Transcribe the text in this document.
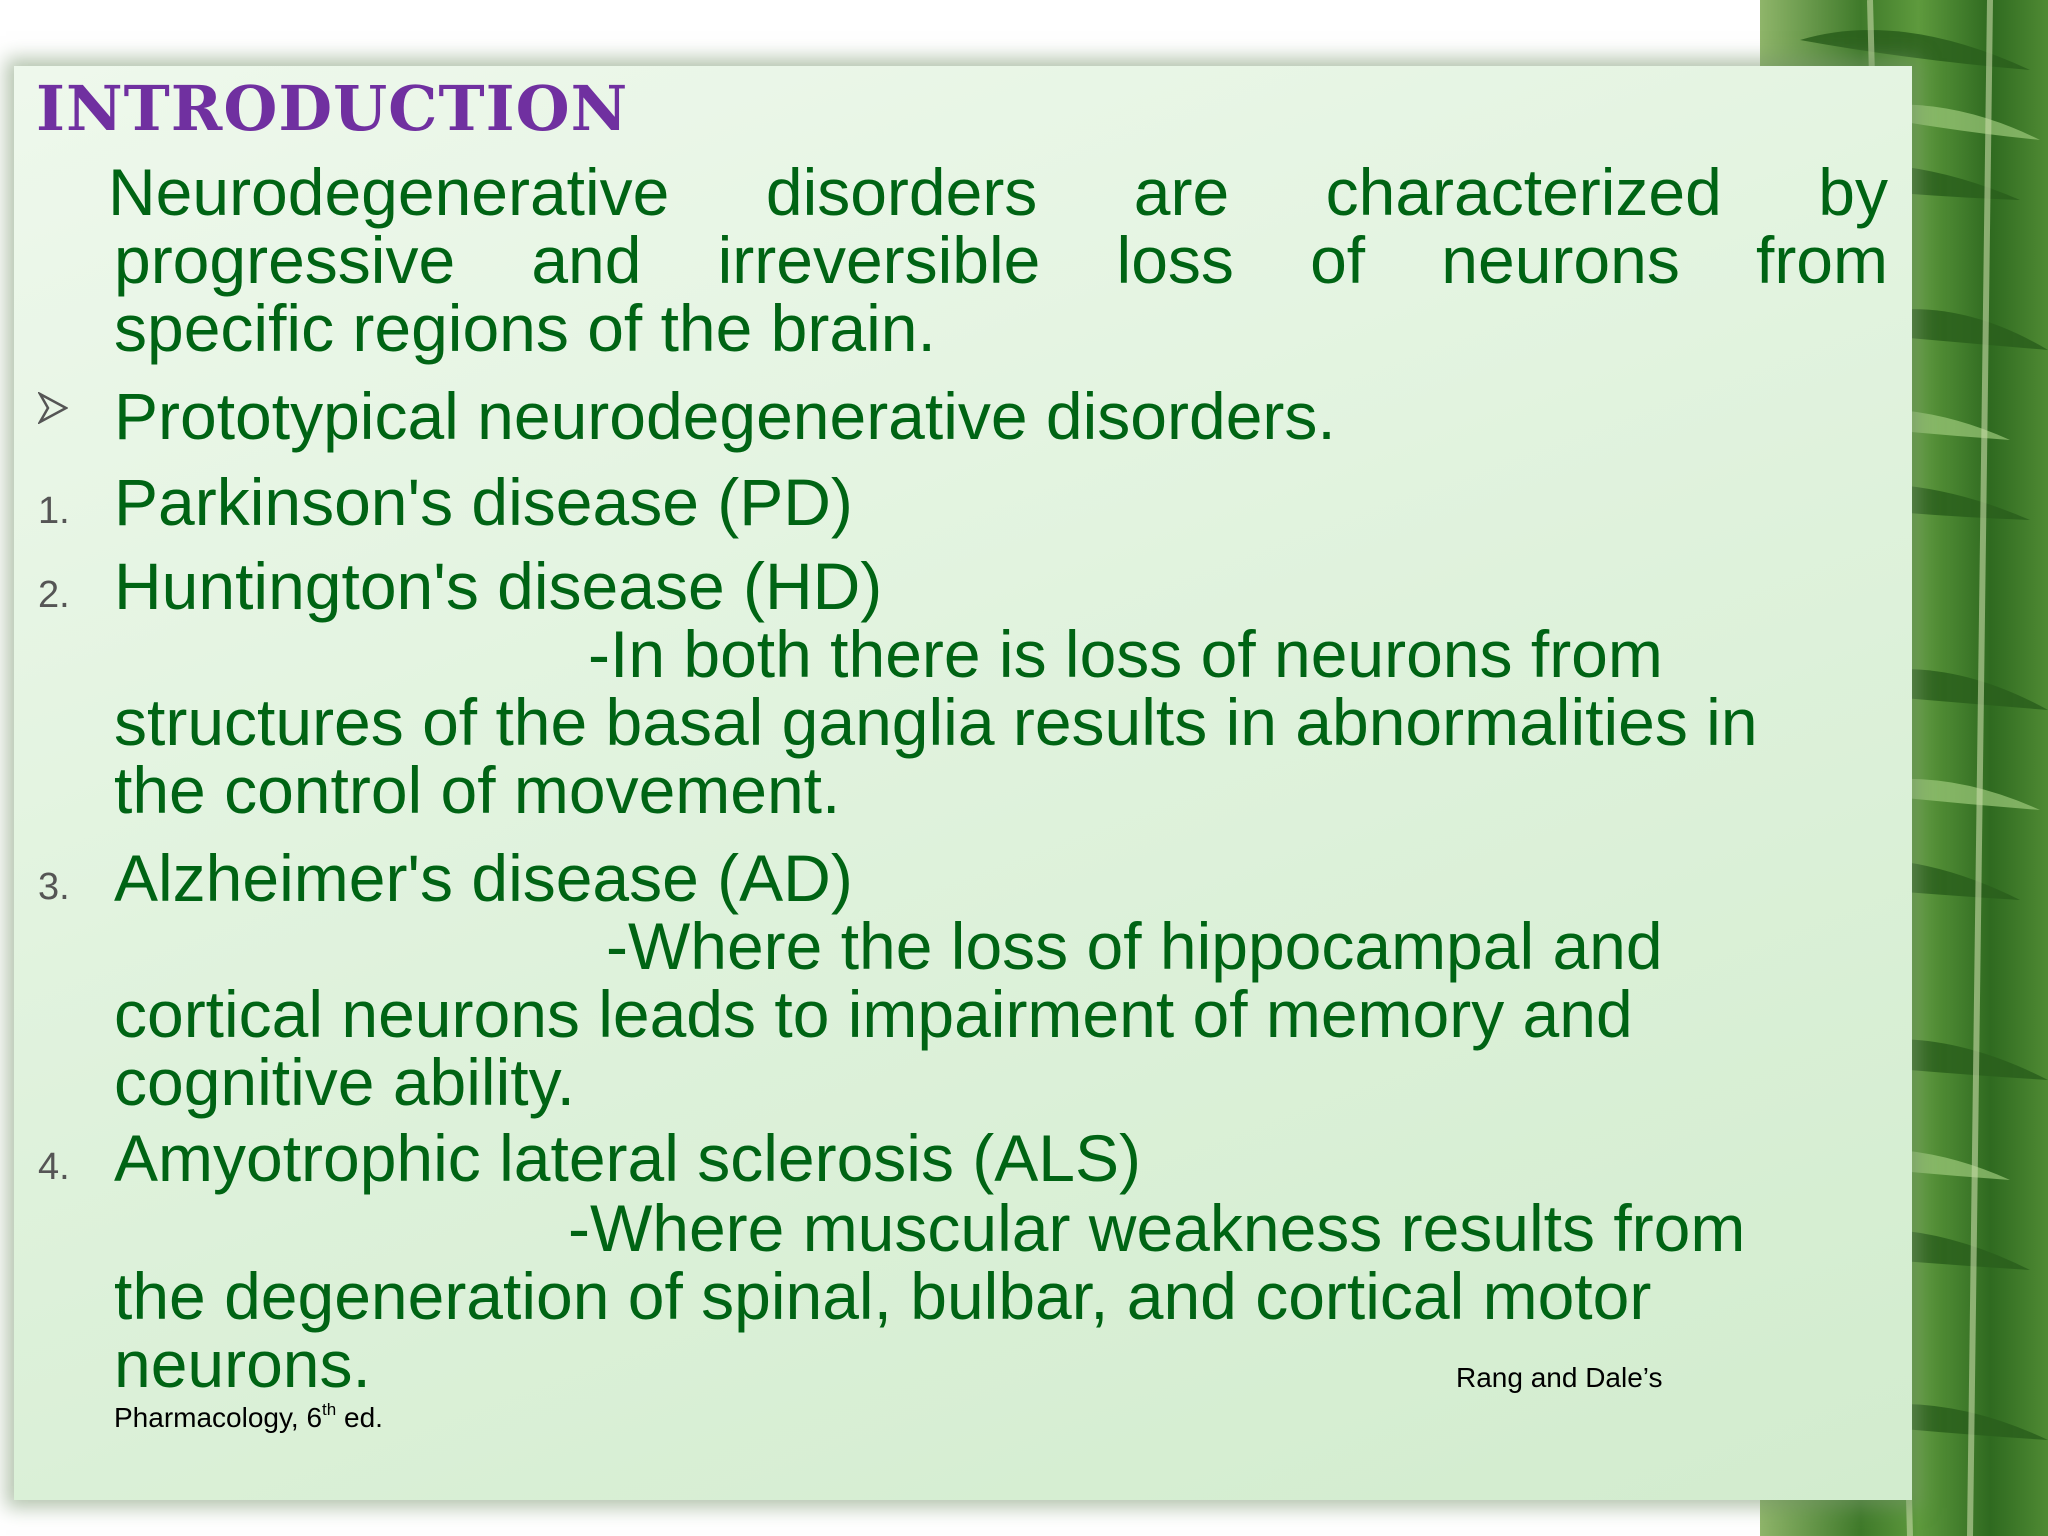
INTRODUCTION

Neurodegenerative disorders are characterized by

progressive and irreversible loss of neurons from

specific regions of the brain.

Prototypical neurodegenerative disorders.

1. Parkinson's disease (PD)

2. Huntington's disease (HD)

-In both there is loss of neurons from

structures of the basal ganglia results in abnormalities in

the control of movement.

3. Alzheimer's disease (AD)

-Where the loss of hippocampal and

cortical neurons leads to impairment of memory and

cognitive ability.

4. Amyotrophic lateral sclerosis (ALS)

-Where muscular weakness results from

the degeneration of spinal, bulbar, and cortical motor

neurons.	Rang and Dale’s
Pharmacology, 6th ed.
